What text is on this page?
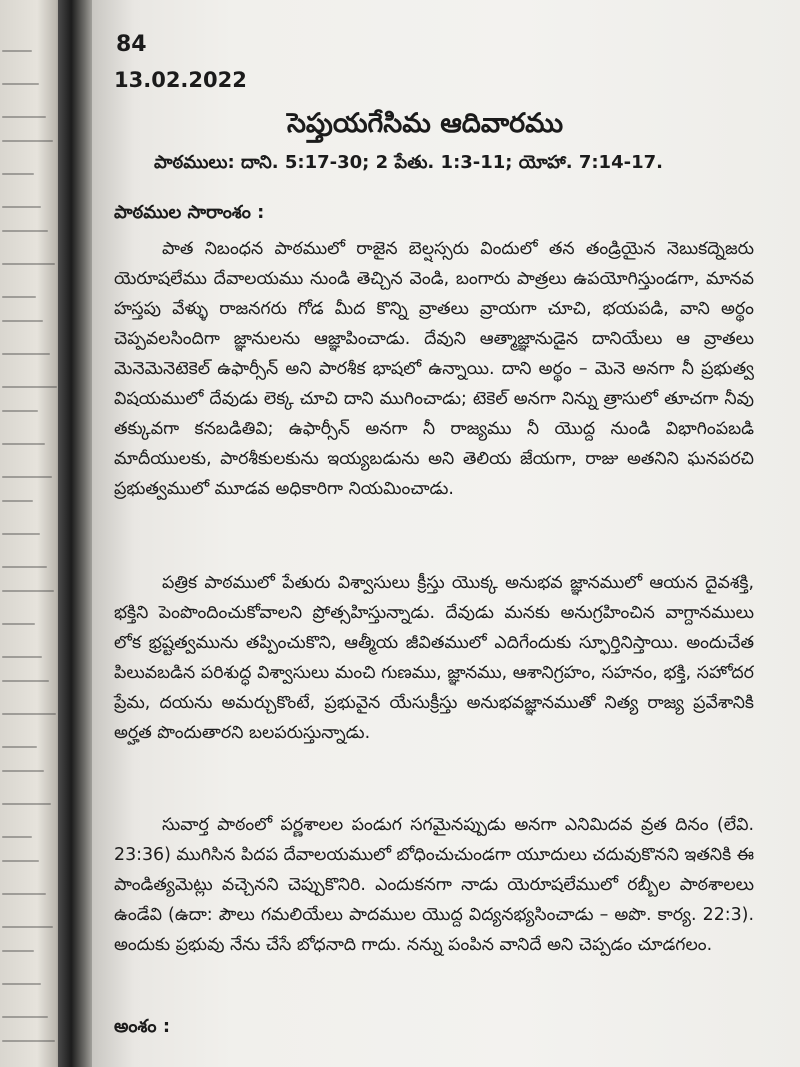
84
13.02.2022
సెప్తుయగేసిమ ఆదివారము
పాఠములు: దాని. 5:17-30; 2 పేతు. 1:3-11; యోహా. 7:14-17.
పాఠముల సారాంశం :

పాత నిబంధన పాఠములో రాజైన బెల్షస్సరు విందులో తన తండ్రియైన నెబుకద్నెజరు యెరూషలేము దేవాలయము నుండి తెచ్చిన వెండి, బంగారు పాత్రలు ఉపయోగిస్తుండగా, మానవ హస్తపు వేళ్ళు రాజనగరు గోడ మీద కొన్ని వ్రాతలు వ్రాయగా చూచి, భయపడి, వాని అర్థం చెప్పవలసిందిగా జ్ఞానులను ఆజ్ఞాపించాడు. దేవుని ఆత్మాజ్ఞానుడైన దానియేలు ఆ వ్రాతలు మెనెమెనెటెకెల్ ఉఫార్సీన్ అని పారశీక భాషలో ఉన్నాయి. దాని అర్థం – మెనె అనగా నీ ప్రభుత్వ విషయములో దేవుడు లెక్క చూచి దాని ముగించాడు; టెకెల్ అనగా నిన్ను త్రాసులో తూచగా నీవు తక్కువగా కనబడితివి; ఉఫార్సీన్ అనగా నీ రాజ్యము నీ యొద్ద నుండి విభాగింపబడి మాదీయులకు, పారశీకులకును ఇయ్యబడును అని తెలియ జేయగా, రాజు అతనిని ఘనపరచి ప్రభుత్వములో మూడవ అధికారిగా నియమించాడు.

పత్రిక పాఠములో పేతురు విశ్వాసులు క్రీస్తు యొక్క అనుభవ జ్ఞానములో ఆయన దైవశక్తి, భక్తిని పెంపొందించుకోవాలని ప్రోత్సహిస్తున్నాడు. దేవుడు మనకు అనుగ్రహించిన వాగ్దానములు లోక భ్రష్టత్వమును తప్పించుకొని, ఆత్మీయ జీవితములో ఎదిగేందుకు స్ఫూర్తినిస్తాయి. అందుచేత పిలువబడిన పరిశుద్ధ విశ్వాసులు మంచి గుణము, జ్ఞానము, ఆశానిగ్రహం, సహనం, భక్తి, సహోదర ప్రేమ, దయను అమర్చుకొంటే, ప్రభువైన యేసుక్రీస్తు అనుభవజ్ఞానముతో నిత్య రాజ్య ప్రవేశానికి అర్హత పొందుతారని బలపరుస్తున్నాడు.

సువార్త పాఠంలో పర్ణశాలల పండుగ సగమైనప్పుడు అనగా ఎనిమిదవ వ్రత దినం (లేవి. 23:36) ముగిసిన పిదప దేవాలయములో బోధించుచుండగా యూదులు చదువుకొనని ఇతనికి ఈ పాండిత్యమెట్లు వచ్చెనని చెప్పుకొనిరి. ఎందుకనగా నాడు యెరూషలేములో రబ్బీల పాఠశాలలు ఉండేవి (ఉదా: పౌలు గమలియేలు పాదముల యొద్ద విద్యనభ్యసించాడు – అపొ. కార్య. 22:3). అందుకు ప్రభువు నేను చేసే బోధనాది గాదు. నన్ను పంపిన వానిదే అని చెప్పడం చూడగలం.

అంశం :
